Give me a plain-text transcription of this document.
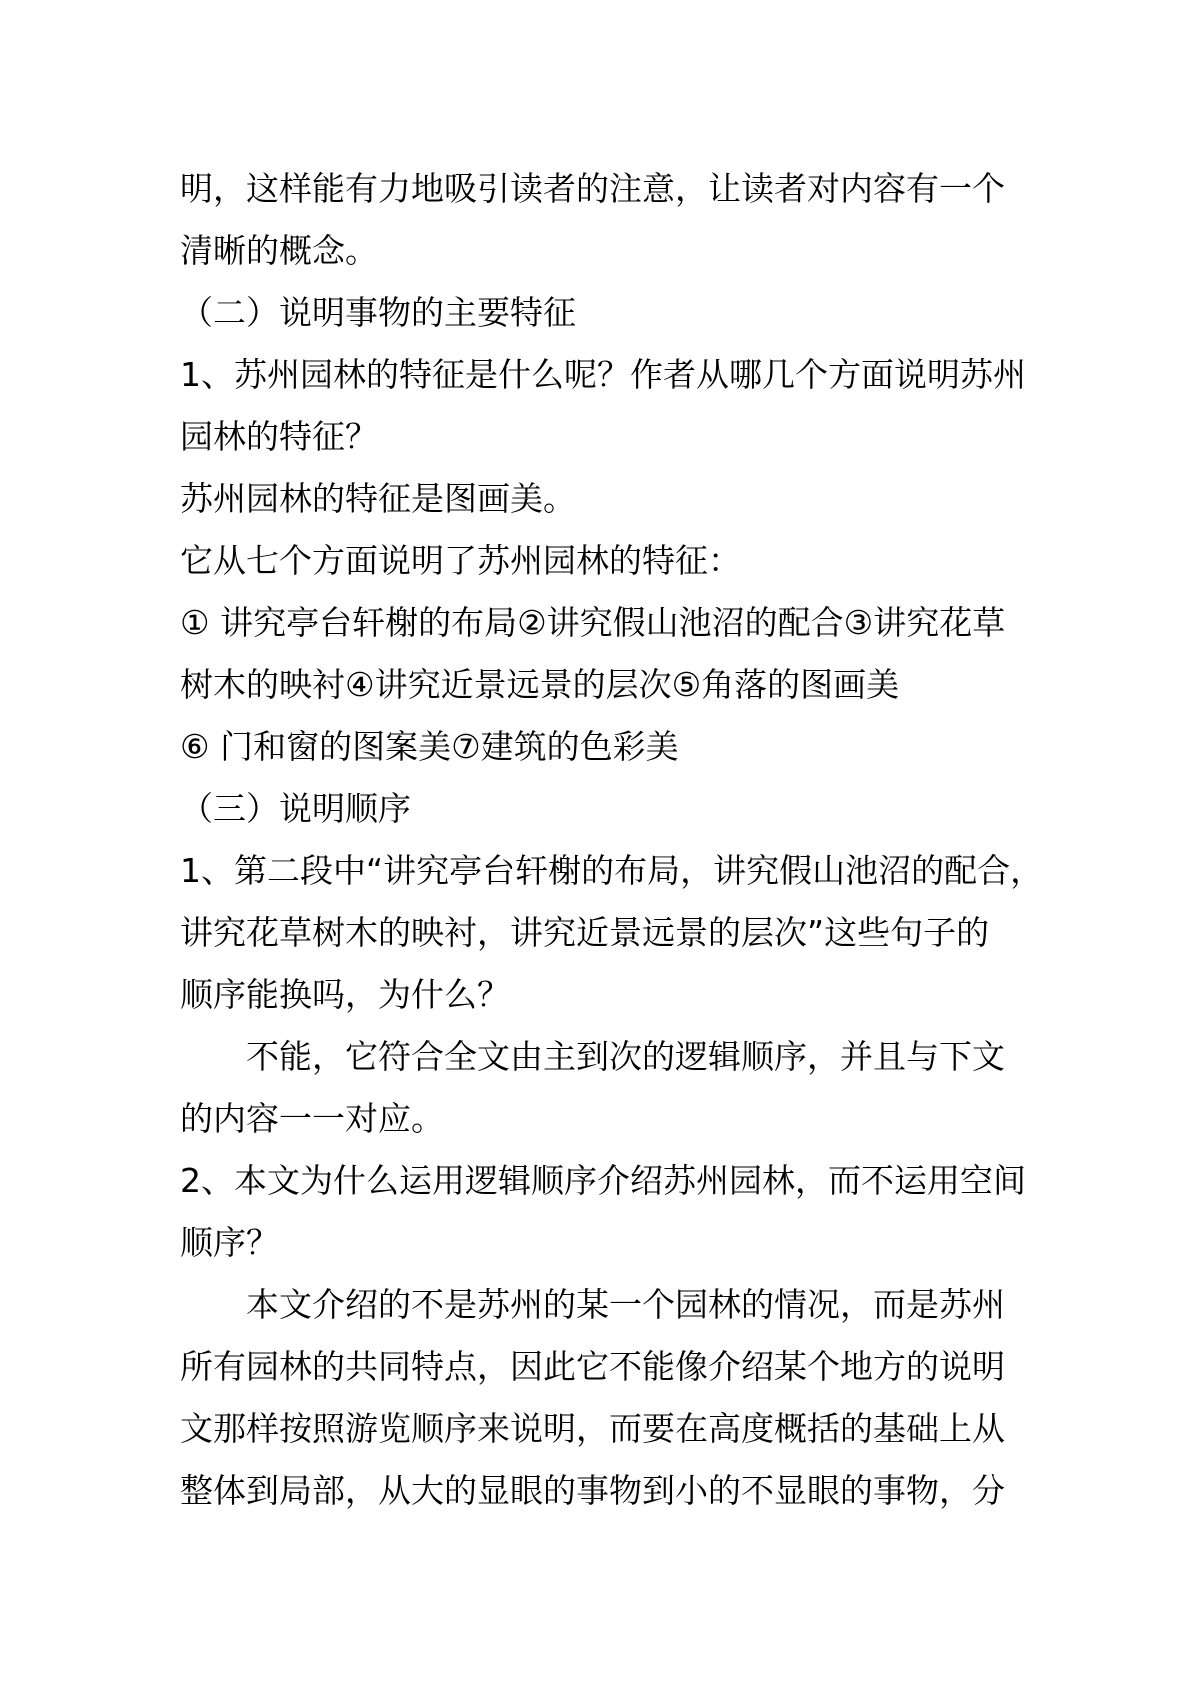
明，这样能有力地吸引读者的注意，让读者对内容有一个
清晰的概念。
（二）说明事物的主要特征
1、苏州园林的特征是什么呢？作者从哪几个方面说明苏州
园林的特征？
苏州园林的特征是图画美。
它从七个方面说明了苏州园林的特征：
① 讲究亭台轩榭的布局②讲究假山池沼的配合③讲究花草
树木的映衬④讲究近景远景的层次⑤角落的图画美
⑥ 门和窗的图案美⑦建筑的色彩美
（三）说明顺序
1、第二段中“讲究亭台轩榭的布局，讲究假山池沼的配合，
讲究花草树木的映衬，讲究近景远景的层次”这些句子的
顺序能换吗，为什么？
不能，它符合全文由主到次的逻辑顺序，并且与下文
的内容一一对应。
2、本文为什么运用逻辑顺序介绍苏州园林，而不运用空间
顺序？
本文介绍的不是苏州的某一个园林的情况，而是苏州
所有园林的共同特点，因此它不能像介绍某个地方的说明
文那样按照游览顺序来说明，而要在高度概括的基础上从
整体到局部，从大的显眼的事物到小的不显眼的事物，分
